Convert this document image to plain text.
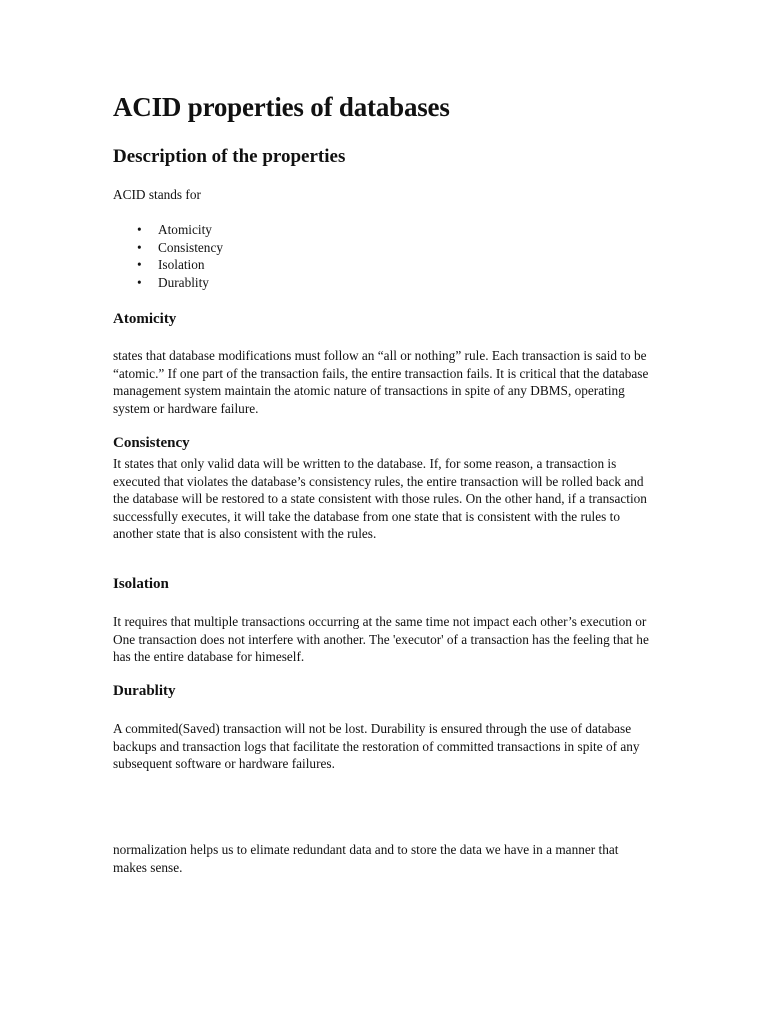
ACID properties of databases
Description of the properties

ACID stands for

• Atomicity
• Consistency
• Isolation
• Durablity
Atomicity

states that database modifications must follow an “all or nothing” rule. Each transaction is said to be “atomic.” If one part of the transaction fails, the entire transaction fails. It is critical that the database management system maintain the atomic nature of transactions in spite of any DBMS, operating system or hardware failure.

Consistency

It states that only valid data will be written to the database. If, for some reason, a transaction is executed that violates the database’s consistency rules, the entire transaction will be rolled back and the database will be restored to a state consistent with those rules. On the other hand, if a transaction successfully executes, it will take the database from one state that is consistent with the rules to another state that is also consistent with the rules.

Isolation

It requires that multiple transactions occurring at the same time not impact each other’s execution or One transaction does not interfere with another. The 'executor' of a transaction has the feeling that he has the entire database for himeself.

Durablity

A commited(Saved) transaction will not be lost. Durability is ensured through the use of database backups and transaction logs that facilitate the restoration of committed transactions in spite of any subsequent software or hardware failures.

normalization helps us to elimate redundant data and to store the data we have in a manner that makes sense.
